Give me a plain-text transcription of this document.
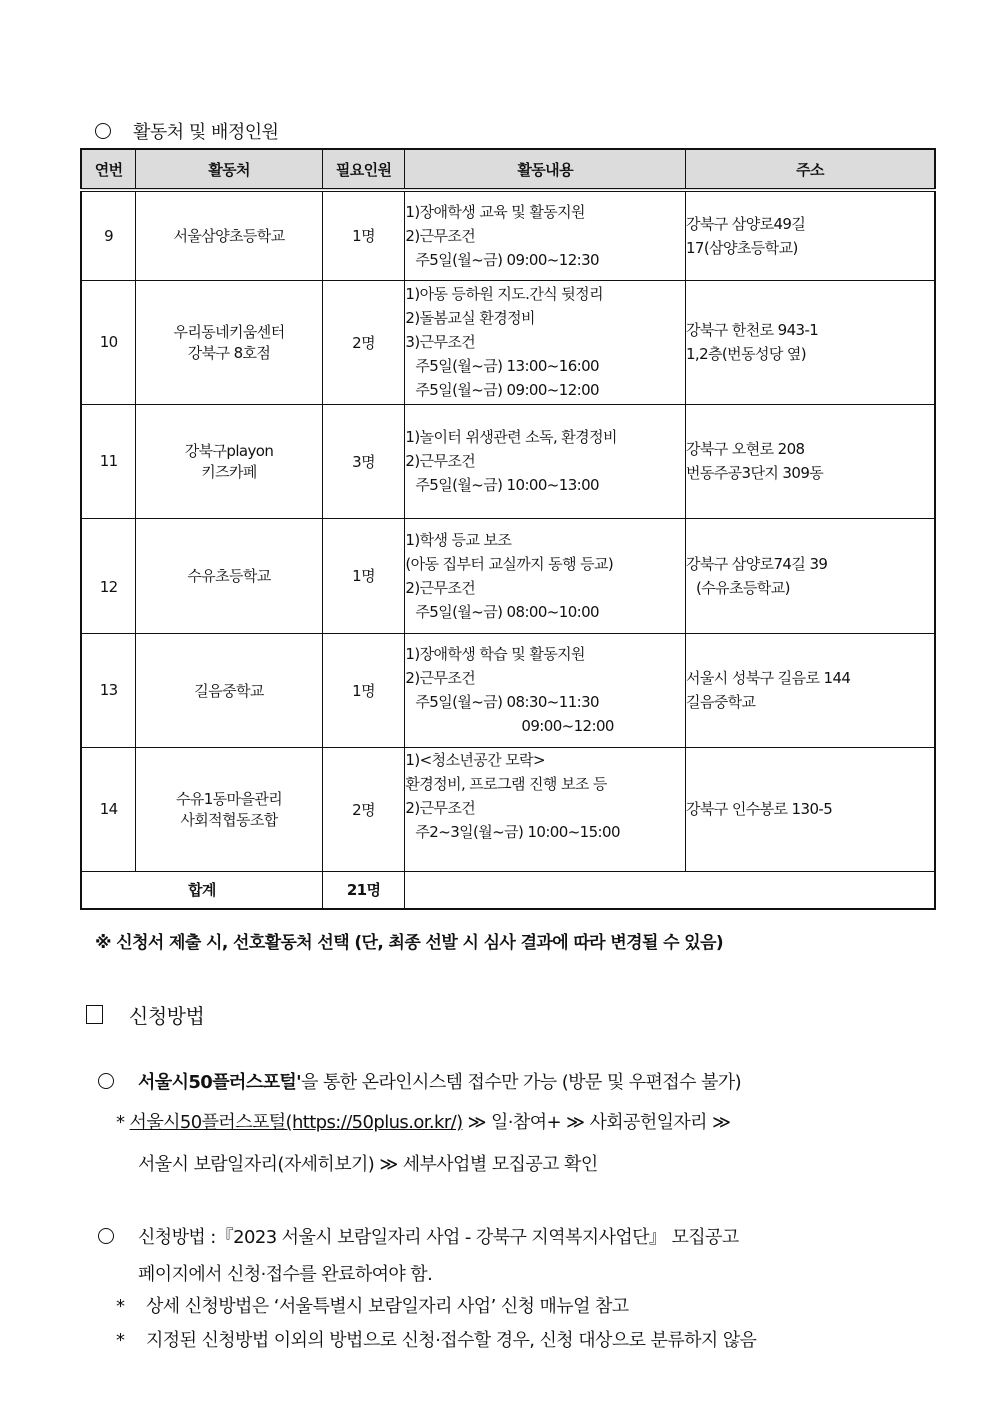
활동처 및 배정인원
연번	활동처	필요인원	활동내용	주소
9	서울삼양초등학교	1명	1)장애학생 교육 및 활동지원
2)근무조건
주5일(월~금) 09:00~12:30	강북구 삼양로49길
17(삼양초등학교)

10	우리동네키움센터
강북구 8호점	2명	1)아동 등하원 지도.간식 뒷정리
2)돌봄교실 환경정비
3)근무조건
주5일(월~금) 13:00~16:00
주5일(월~금) 09:00~12:00	강북구 한천로 943-1
1,2층(번동성당 옆)

11	강북구playon
키즈카페	3명	1)놀이터 위생관련 소독, 환경정비
2)근무조건
주5일(월~금) 10:00~13:00	강북구 오현로 208
번동주공3단지 309동

12	수유초등학교	1명	1)학생 등교 보조
(아동 집부터 교실까지 동행 등교)
2)근무조건
주5일(월~금) 08:00~10:00	강북구 삼양로74길 39
(수유초등학교)

13	길음중학교	1명	1)장애학생 학습 및 활동지원
2)근무조건
주5일(월~금) 08:30~11:30
09:00~12:00	서울시 성북구 길음로 144
길음중학교

14	수유1동마을관리
사회적협동조합	2명	1)<청소년공간 모락>
환경정비, 프로그램 진행 보조 등
2)근무조건
주2~3일(월~금) 10:00~15:00	강북구 인수봉로 130-5

합계		21명		
※ 신청서 제출 시, 선호활동처 선택 (단, 최종 선발 시 심사 결과에 따라 변경될 수 있음)
신청방법
서울시50플러스포털'을 통한 온라인시스템 접수만 가능 (방문 및 우편접수 불가)
* 서울시50플러스포털(https://50plus.or.kr/) ≫ 일·참여+ ≫ 사회공헌일자리 ≫
서울시 보람일자리(자세히보기) ≫ 세부사업별 모집공고 확인
신청방법 :『2023 서울시 보람일자리 사업 - 강북구 지역복지사업단』 모집공고
페이지에서 신청·접수를 완료하여야 함.
* 상세 신청방법은 ‘서울특별시 보람일자리 사업’ 신청 매뉴얼 참고
* 지정된 신청방법 이외의 방법으로 신청·접수할 경우, 신청 대상으로 분류하지 않음
